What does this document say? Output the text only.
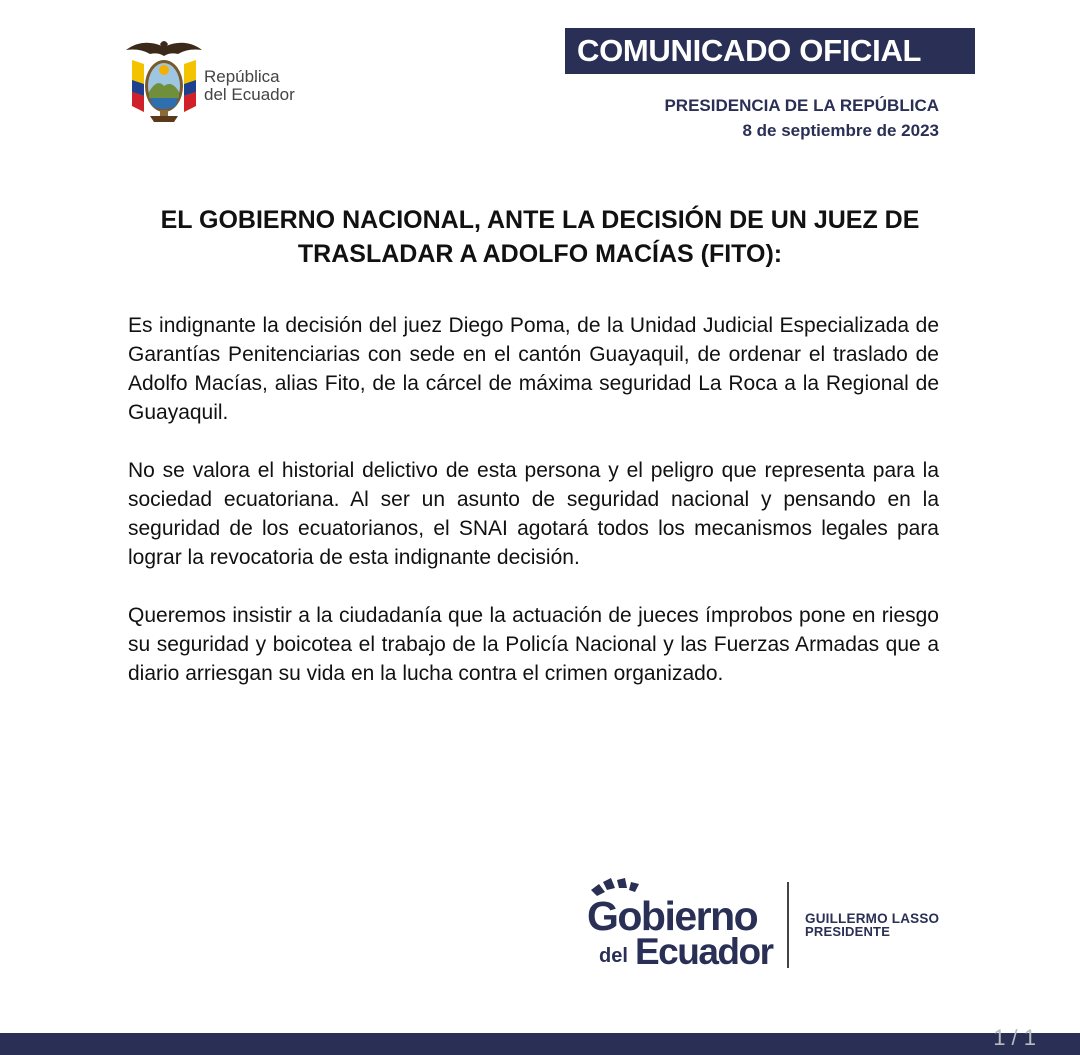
República
del Ecuador
COMUNICADO OFICIAL
PRESIDENCIA DE LA REPÚBLICA
8 de septiembre de 2023
EL GOBIERNO NACIONAL, ANTE LA DECISIÓN DE UN JUEZ DE
TRASLADAR A ADOLFO MACÍAS (FITO):

Es indignante la decisión del juez Diego Poma, de la Unidad Judicial Especializada de Garantías Penitenciarias con sede en el cantón Guayaquil, de ordenar el traslado de Adolfo Macías, alias Fito, de la cárcel de máxima seguridad La Roca a la Regional de Guayaquil.

No se valora el historial delictivo de esta persona y el peligro que representa para la sociedad ecuatoriana. Al ser un asunto de seguridad nacional y pensando en la seguridad de los ecuatorianos, el SNAI agotará todos los mecanismos legales para lograr la revocatoria de esta indignante decisión.

Queremos insistir a la ciudadanía que la actuación de jueces ímprobos pone en riesgo su seguridad y boicotea el trabajo de la Policía Nacional y las Fuerzas Armadas que a diario arriesgan su vida en la lucha contra el crimen organizado.

Gobierno
del Ecuador
GUILLERMO LASSO
PRESIDENTE
1 / 1
